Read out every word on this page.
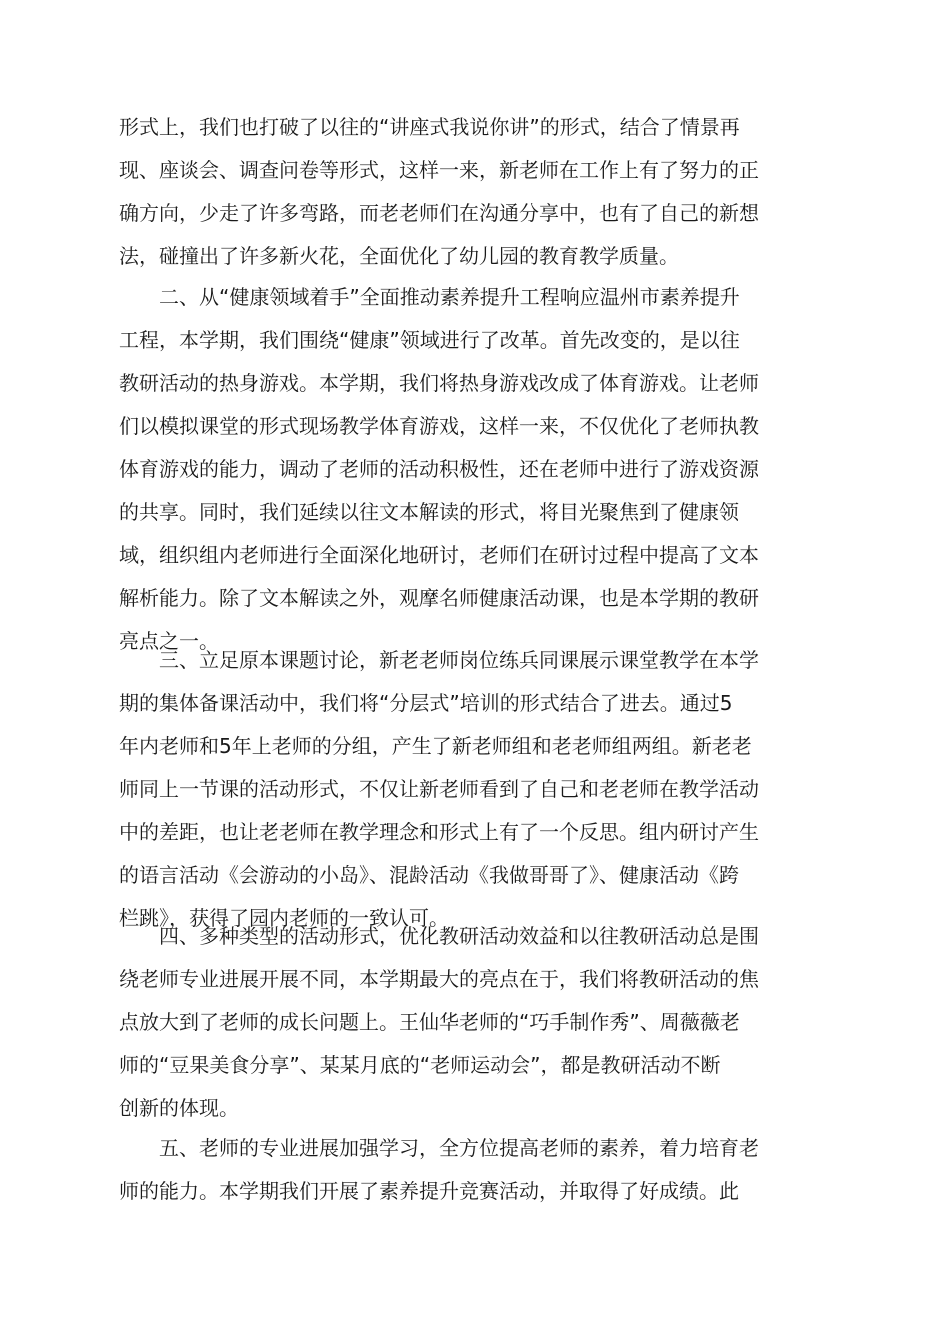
形式上，我们也打破了以往的“讲座式我说你讲”的形式，结合了情景再
现、座谈会、调查问卷等形式，这样一来，新老师在工作上有了努力的正
确方向，少走了许多弯路，而老老师们在沟通分享中，也有了自己的新想
法，碰撞出了许多新火花，全面优化了幼儿园的教育教学质量。
二、从“健康领域着手”全面推动素养提升工程响应温州市素养提升
工程，本学期，我们围绕“健康”领域进行了改革。首先改变的，是以往
教研活动的热身游戏。本学期，我们将热身游戏改成了体育游戏。让老师
们以模拟课堂的形式现场教学体育游戏，这样一来，不仅优化了老师执教
体育游戏的能力，调动了老师的活动积极性，还在老师中进行了游戏资源
的共享。同时，我们延续以往文本解读的形式，将目光聚焦到了健康领
域，组织组内老师进行全面深化地研讨，老师们在研讨过程中提高了文本
解析能力。除了文本解读之外，观摩名师健康活动课，也是本学期的教研
亮点之一。
三、立足原本课题讨论，新老老师岗位练兵同课展示课堂教学在本学
期的集体备课活动中，我们将“分层式”培训的形式结合了进去。通过5
年内老师和5年上老师的分组，产生了新老师组和老老师组两组。新老老
师同上一节课的活动形式，不仅让新老师看到了自己和老老师在教学活动
中的差距，也让老老师在教学理念和形式上有了一个反思。组内研讨产生
的语言活动《会游动的小岛》、混龄活动《我做哥哥了》、健康活动《跨
栏跳》，获得了园内老师的一致认可。
四、多种类型的活动形式，优化教研活动效益和以往教研活动总是围
绕老师专业进展开展不同，本学期最大的亮点在于，我们将教研活动的焦
点放大到了老师的成长问题上。王仙华老师的“巧手制作秀”、周薇薇老
师的“豆果美食分享”、某某月底的“老师运动会”，都是教研活动不断
创新的体现。
五、老师的专业进展加强学习，全方位提高老师的素养，着力培育老
师的能力。本学期我们开展了素养提升竞赛活动，并取得了好成绩。此
